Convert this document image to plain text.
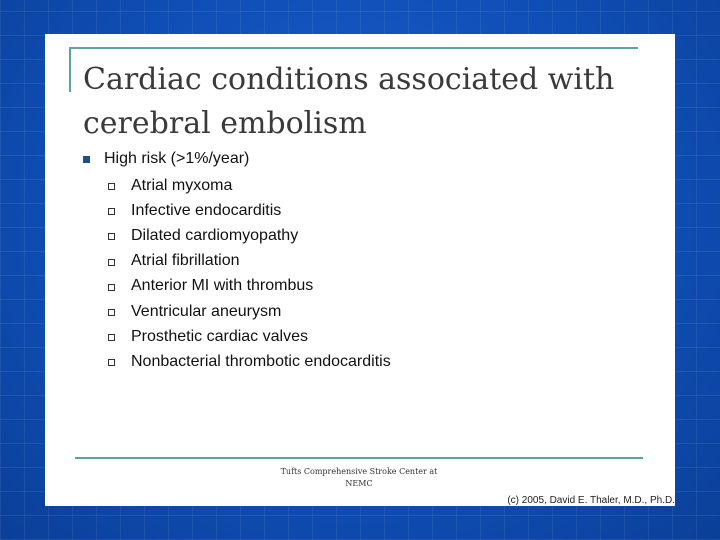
Cardiac conditions associated with
cerebral embolism
High risk (>1%/year)
Atrial myxoma
Infective endocarditis
Dilated cardiomyopathy
Atrial fibrillation
Anterior MI with thrombus
Ventricular aneurysm
Prosthetic cardiac valves
Nonbacterial thrombotic endocarditis
Tufts Comprehensive Stroke Center at
NEMC
(c) 2005, David E. Thaler, M.D., Ph.D.
